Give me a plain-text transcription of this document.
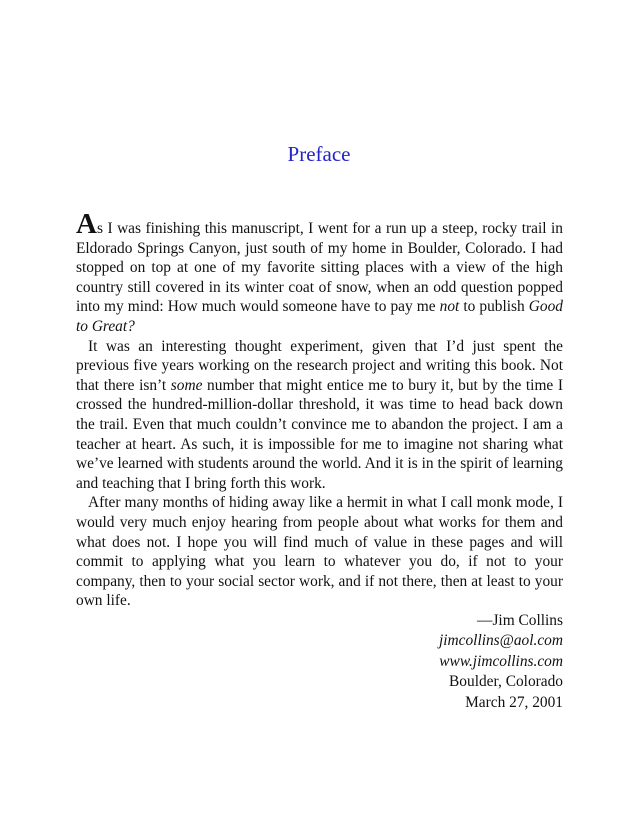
Preface

As I was finishing this manuscript, I went for a run up a steep, rocky trail in Eldorado Springs Canyon, just south of my home in Boulder, Colorado. I had stopped on top at one of my favorite sitting places with a view of the high country still covered in its winter coat of snow, when an odd question popped into my mind: How much would someone have to pay me not to publish Good to Great?

It was an interesting thought experiment, given that I’d just spent the previous five years working on the research project and writing this book. Not that there isn’t some number that might entice me to bury it, but by the time I crossed the hundred-million-dollar threshold, it was time to head back down the trail. Even that much couldn’t convince me to abandon the project. I am a teacher at heart. As such, it is impossible for me to imagine not sharing what we’ve learned with students around the world. And it is in the spirit of learning and teaching that I bring forth this work.

After many months of hiding away like a hermit in what I call monk mode, I would very much enjoy hearing from people about what works for them and what does not. I hope you will find much of value in these pages and will commit to applying what you learn to whatever you do, if not to your company, then to your social sector work, and if not there, then at least to your own life.

—Jim Collins
jimcollins@aol.com
www.jimcollins.com
Boulder, Colorado
March 27, 2001
